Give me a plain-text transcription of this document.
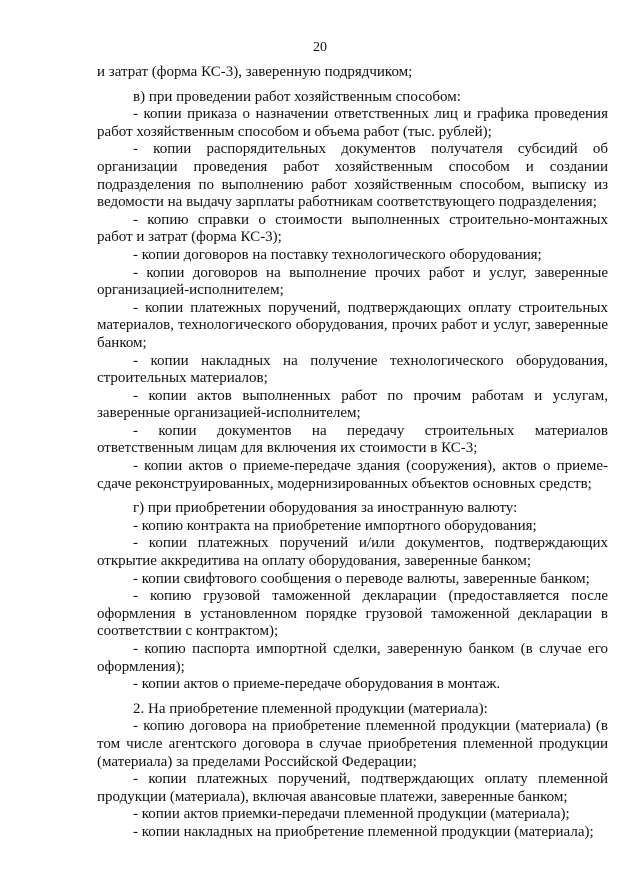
20

и затрат (форма КС-3), заверенную подрядчиком;

в) при проведении работ хозяйственным способом:

- копии приказа о назначении ответственных лиц и графика проведения работ хозяйственным способом и объема работ (тыс. рублей);

- копии распорядительных документов получателя субсидий об организации проведения работ хозяйственным способом и создании подразделения по выполнению работ хозяйственным способом, выписку из ведомости на выдачу зарплаты работникам соответствующего подразделения;

- копию справки о стоимости выполненных строительно-монтажных работ и затрат (форма КС-3);

- копии договоров на поставку технологического оборудования;

- копии договоров на выполнение прочих работ и услуг, заверенные организацией-исполнителем;

- копии платежных поручений, подтверждающих оплату строительных материалов, технологического оборудования, прочих работ и услуг, заверенные банком;

- копии накладных на получение технологического оборудования, строительных материалов;

- копии актов выполненных работ по прочим работам и услугам, заверенные организацией-исполнителем;

- копии документов на передачу строительных материалов ответственным лицам для включения их стоимости в КС-3;

- копии актов о приеме-передаче здания (сооружения), актов о приеме-сдаче реконструированных, модернизированных объектов основных средств;

г) при приобретении оборудования за иностранную валюту:

- копию контракта на приобретение импортного оборудования;

- копии платежных поручений и/или документов, подтверждающих открытие аккредитива на оплату оборудования, заверенные банком;

- копии свифтового сообщения о переводе валюты, заверенные банком;

- копию грузовой таможенной декларации (предоставляется после оформления в установленном порядке грузовой таможенной декларации в соответствии с контрактом);

- копию паспорта импортной сделки, заверенную банком (в случае его оформления);

- копии актов о приеме-передаче оборудования в монтаж.

2. На приобретение племенной продукции (материала):

- копию договора на приобретение племенной продукции (материала) (в том числе агентского договора в случае приобретения племенной продукции (материала) за пределами Российской Федерации;

- копии платежных поручений, подтверждающих оплату племенной продукции (материала), включая авансовые платежи, заверенные банком;

- копии актов приемки-передачи племенной продукции (материала);

- копии накладных на приобретение племенной продукции (материала);
